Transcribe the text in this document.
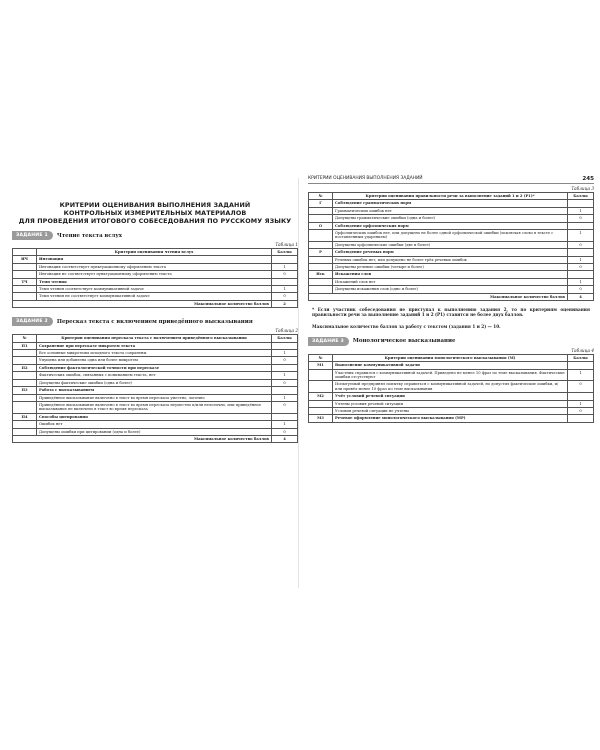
КРИТЕРИИ ОЦЕНИВАНИЯ ВЫПОЛНЕНИЯ ЗАДАНИЙ
КОНТРОЛЬНЫХ ИЗМЕРИТЕЛЬНЫХ МАТЕРИАЛОВ
ДЛЯ ПРОВЕДЕНИЯ ИТОГОВОГО СОБЕСЕДОВАНИЯ ПО РУССКОМУ ЯЗЫКУ
ЗАДАНИЕ 1	Чтение текста вслух
Таблица 1
	Критерии оценивания чтения вслух	Баллы
ИЧ	Интонация	
	Интонация соответствует пунктуационному оформлению текста	1
	Интонация не соответствует пунктуационному оформлению текста	0
ТЧ	Темп чтения	
	Темп чтения соответствует коммуникативной задаче	1
	Темп чтения не соответствует коммуникативной задаче	0
Максимальное количество баллов		2
ЗАДАНИЕ 2	Пересказ текста с включением приведённого высказывания
Таблица 2
№	Критерии оценивания пересказа текста с включением приведённого высказывания	Баллы
П1	Сохранение при пересказе микротем текста	
	Все основные микротемы исходного текста сохранены	1
	Упущена или добавлена одна или более микротем	0
П2	Соблюдение фактологической точности при пересказе	
	Фактических ошибок, связанных с пониманием текста, нет	1
	Допущены фактические ошибки (одна и более)	0
П3	Работа с высказыванием	
	Приведённое высказывание включено в текст во время пересказа уместно, логично	1
	Приведённое высказывание включено в текст во время пересказа неуместно и/или нелогично, или приведённое высказывание не включено в текст во время пересказа	0
П4	Способы цитирования	
	Ошибок нет	1
	Допущены ошибки при цитировании (одна и более)	0
Максимальное количество баллов		4
КРИТЕРИИ ОЦЕНИВАНИЯ ВЫПОЛНЕНИЯ ЗАДАНИЙ	245
Таблица 3
№	Критерии оценивания правильности речи за выполнение заданий 1 и 2 (Р1)*	Баллы
Г	Соблюдение грамматических норм	
	Грамматических ошибок нет	1
	Допущены грамматические ошибки (одна и более)	0
О	Соблюдение орфоэпических норм	
	Орфоэпических ошибок нет, или допущено не более одной орфоэпической ошибки (исключая слово в тексте с поставленным ударением)	1
	Допущены орфоэпические ошибки (две и более)	0
Р	Соблюдение речевых норм	
	Речевых ошибок нет, или допущено не более трёх речевых ошибок	1
	Допущены речевые ошибки (четыре и более)	0
Иск	Искажения слов	
	Искажений слов нет	1
	Допущены искажения слов (одно и более)	0
Максимальное количество баллов		4
* Если участник собеседования не приступал к выполнению задания 2, то по критериям оценивания правильности речи за выполнение заданий 1 и 2 (Р1) ставится не более двух баллов.
Максимальное количество баллов за работу с текстом (задания 1 и 2) — 10.
ЗАДАНИЕ 3	Монологическое высказывание
Таблица 4
№	Критерии оценивания монологического высказывания (М)	Баллы
М1	Выполнение коммуникативной задачи	
	Участник справился с коммуникативной задачей. Приведено не менее 10 фраз по теме высказывания. Фактические ошибки отсутствуют	1
	Испытуемый предпринял попытку справиться с коммуникативной задачей, но допустил фактические ошибки, и/или привёл менее 10 фраз по теме высказывания	0
М2	Учёт условий речевой ситуации	
	Учтены условия речевой ситуации	1
	Условия речевой ситуации не учтены	0
М3	Речевое оформление монологического высказывания (МР)	
